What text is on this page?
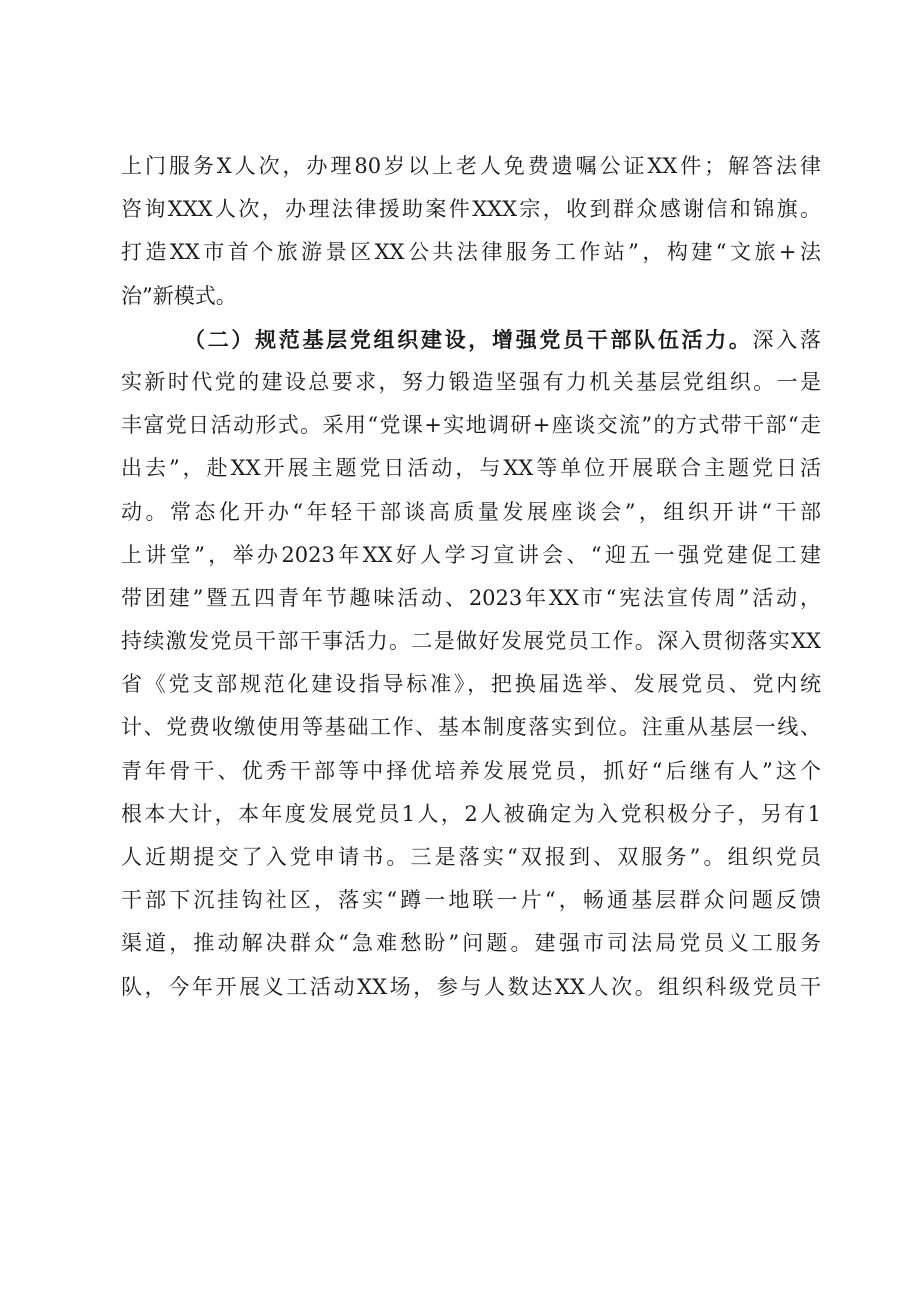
上门服务X人次，办理80岁以上老人免费遗嘱公证XX件；解答法律
咨询XXX人次，办理法律援助案件XXX宗，收到群众感谢信和锦旗。
打造XX市首个旅游景区XX公共法律服务工作站”，构建“文旅+法
治”新模式。
（二）规范基层党组织建设，增强党员干部队伍活力。深入落
实新时代党的建设总要求，努力锻造坚强有力机关基层党组织。一是
丰富党日活动形式。采用“党课+实地调研+座谈交流”的方式带干部“走
出去”，赴XX开展主题党日活动，与XX等单位开展联合主题党日活
动。常态化开办“年轻干部谈高质量发展座谈会”，组织开讲“干部
上讲堂”，举办2023年XX好人学习宣讲会、“迎五一强党建促工建
带团建”暨五四青年节趣味活动、2023年XX市“宪法宣传周”活动，
持续激发党员干部干事活力。二是做好发展党员工作。深入贯彻落实XX
省《党支部规范化建设指导标准》，把换届选举、发展党员、党内统
计、党费收缴使用等基础工作、基本制度落实到位。注重从基层一线、
青年骨干、优秀干部等中择优培养发展党员，抓好“后继有人”这个
根本大计，本年度发展党员1人，2人被确定为入党积极分子，另有1
人近期提交了入党申请书。三是落实“双报到、双服务”。组织党员
干部下沉挂钩社区，落实“蹲一地联一片“，畅通基层群众问题反馈
渠道，推动解决群众“急难愁盼”问题。建强市司法局党员义工服务
队，今年开展义工活动XX场，参与人数达XX人次。组织科级党员干
